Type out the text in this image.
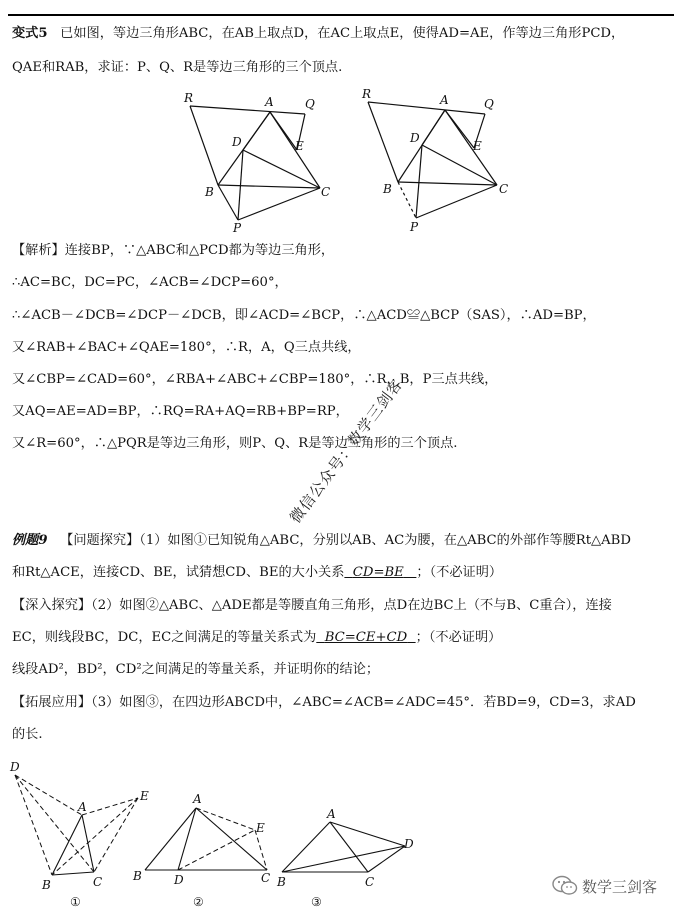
变式5 已如图，等边三角形ABC，在AB上取点D，在AC上取点E，使得AD=AE，作等边三角形PCD，
QAE和RAB，求证：P、Q、R是等边三角形的三个顶点.
R	A	Q
D	E
B	C
P
R	A	Q
D
E
B	C
P
【解析】连接BP，∵△ABC和△PCD都为等边三角形，
∴AC=BC，DC=PC，∠ACB=∠DCP=60°，
∴∠ACB－∠DCB=∠DCP－∠DCB，即∠ACD=∠BCP，∴△ACD≌△BCP（SAS），∴AD=BP，
又∠RAB+∠BAC+∠QAE=180°，∴R，A，Q三点共线，
又∠CBP=∠CAD=60°，∠RBA+∠ABC+∠CBP=180°，∴R，B，P三点共线，
又AQ=AE=AD=BP，∴RQ=RA+AQ=RB+BP=RP，
又∠R=60°，∴△PQR是等边三角形，则P、Q、R是等边三角形的三个顶点.
微信公众号：数学三剑客
例题9 【问题探究】（1）如图①已知锐角△ABC，分别以AB、AC为腰，在△ABC的外部作等腰Rt△ABD
和Rt△ACE，连接CD、BE，试猜想CD、BE的大小关系 CD=BE ；（不必证明）
【深入探究】（2）如图②△ABC、△ADE都是等腰直角三角形，点D在边BC上（不与B、C重合），连接
EC，则线段BC，DC，EC之间满足的等量关系式为 BC=CE+CD ；（不必证明）
线段AD²，BD²，CD²之间满足的等量关系，并证明你的结论；
【拓展应用】（3）如图③，在四边形ABCD中，∠ABC=∠ACB=∠ADC=45°．若BD=9，CD=3，求AD
的长.
D
A
E
B	C
①
A
E
B	D	C
②
A
D
B	C
③
数学三剑客
